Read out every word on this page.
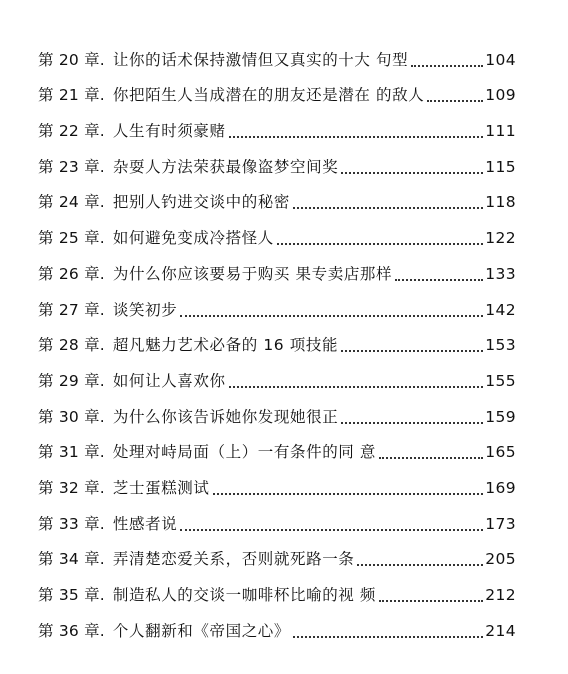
第 20 章. 让你的话术保持激情但又真实的十大 句型	104
第 21 章. 你把陌生人当成潜在的朋友还是潜在 的敌人	109
第 22 章. 人生有时须豪赌	111
第 23 章. 杂耍人方法荣获最像盗梦空间奖	115
第 24 章. 把别人钓进交谈中的秘密	118
第 25 章. 如何避免变成冷搭怪人	122
第 26 章. 为什么你应该要易于购买 果专卖店那样	133
第 27 章. 谈笑初步	142
第 28 章. 超凡魅力艺术必备的 16 项技能	153
第 29 章. 如何让人喜欢你	155
第 30 章. 为什么你该告诉她你发现她很正	159
第 31 章. 处理对峙局面（上）一有条件的同 意	165
第 32 章. 芝士蛋糕测试	169
第 33 章. 性感者说	173
第 34 章. 弄清楚恋爱关系，否则就死路一条	205
第 35 章. 制造私人的交谈一咖啡杯比喻的视 频	212
第 36 章. 个人翻新和《帝国之心》	214
